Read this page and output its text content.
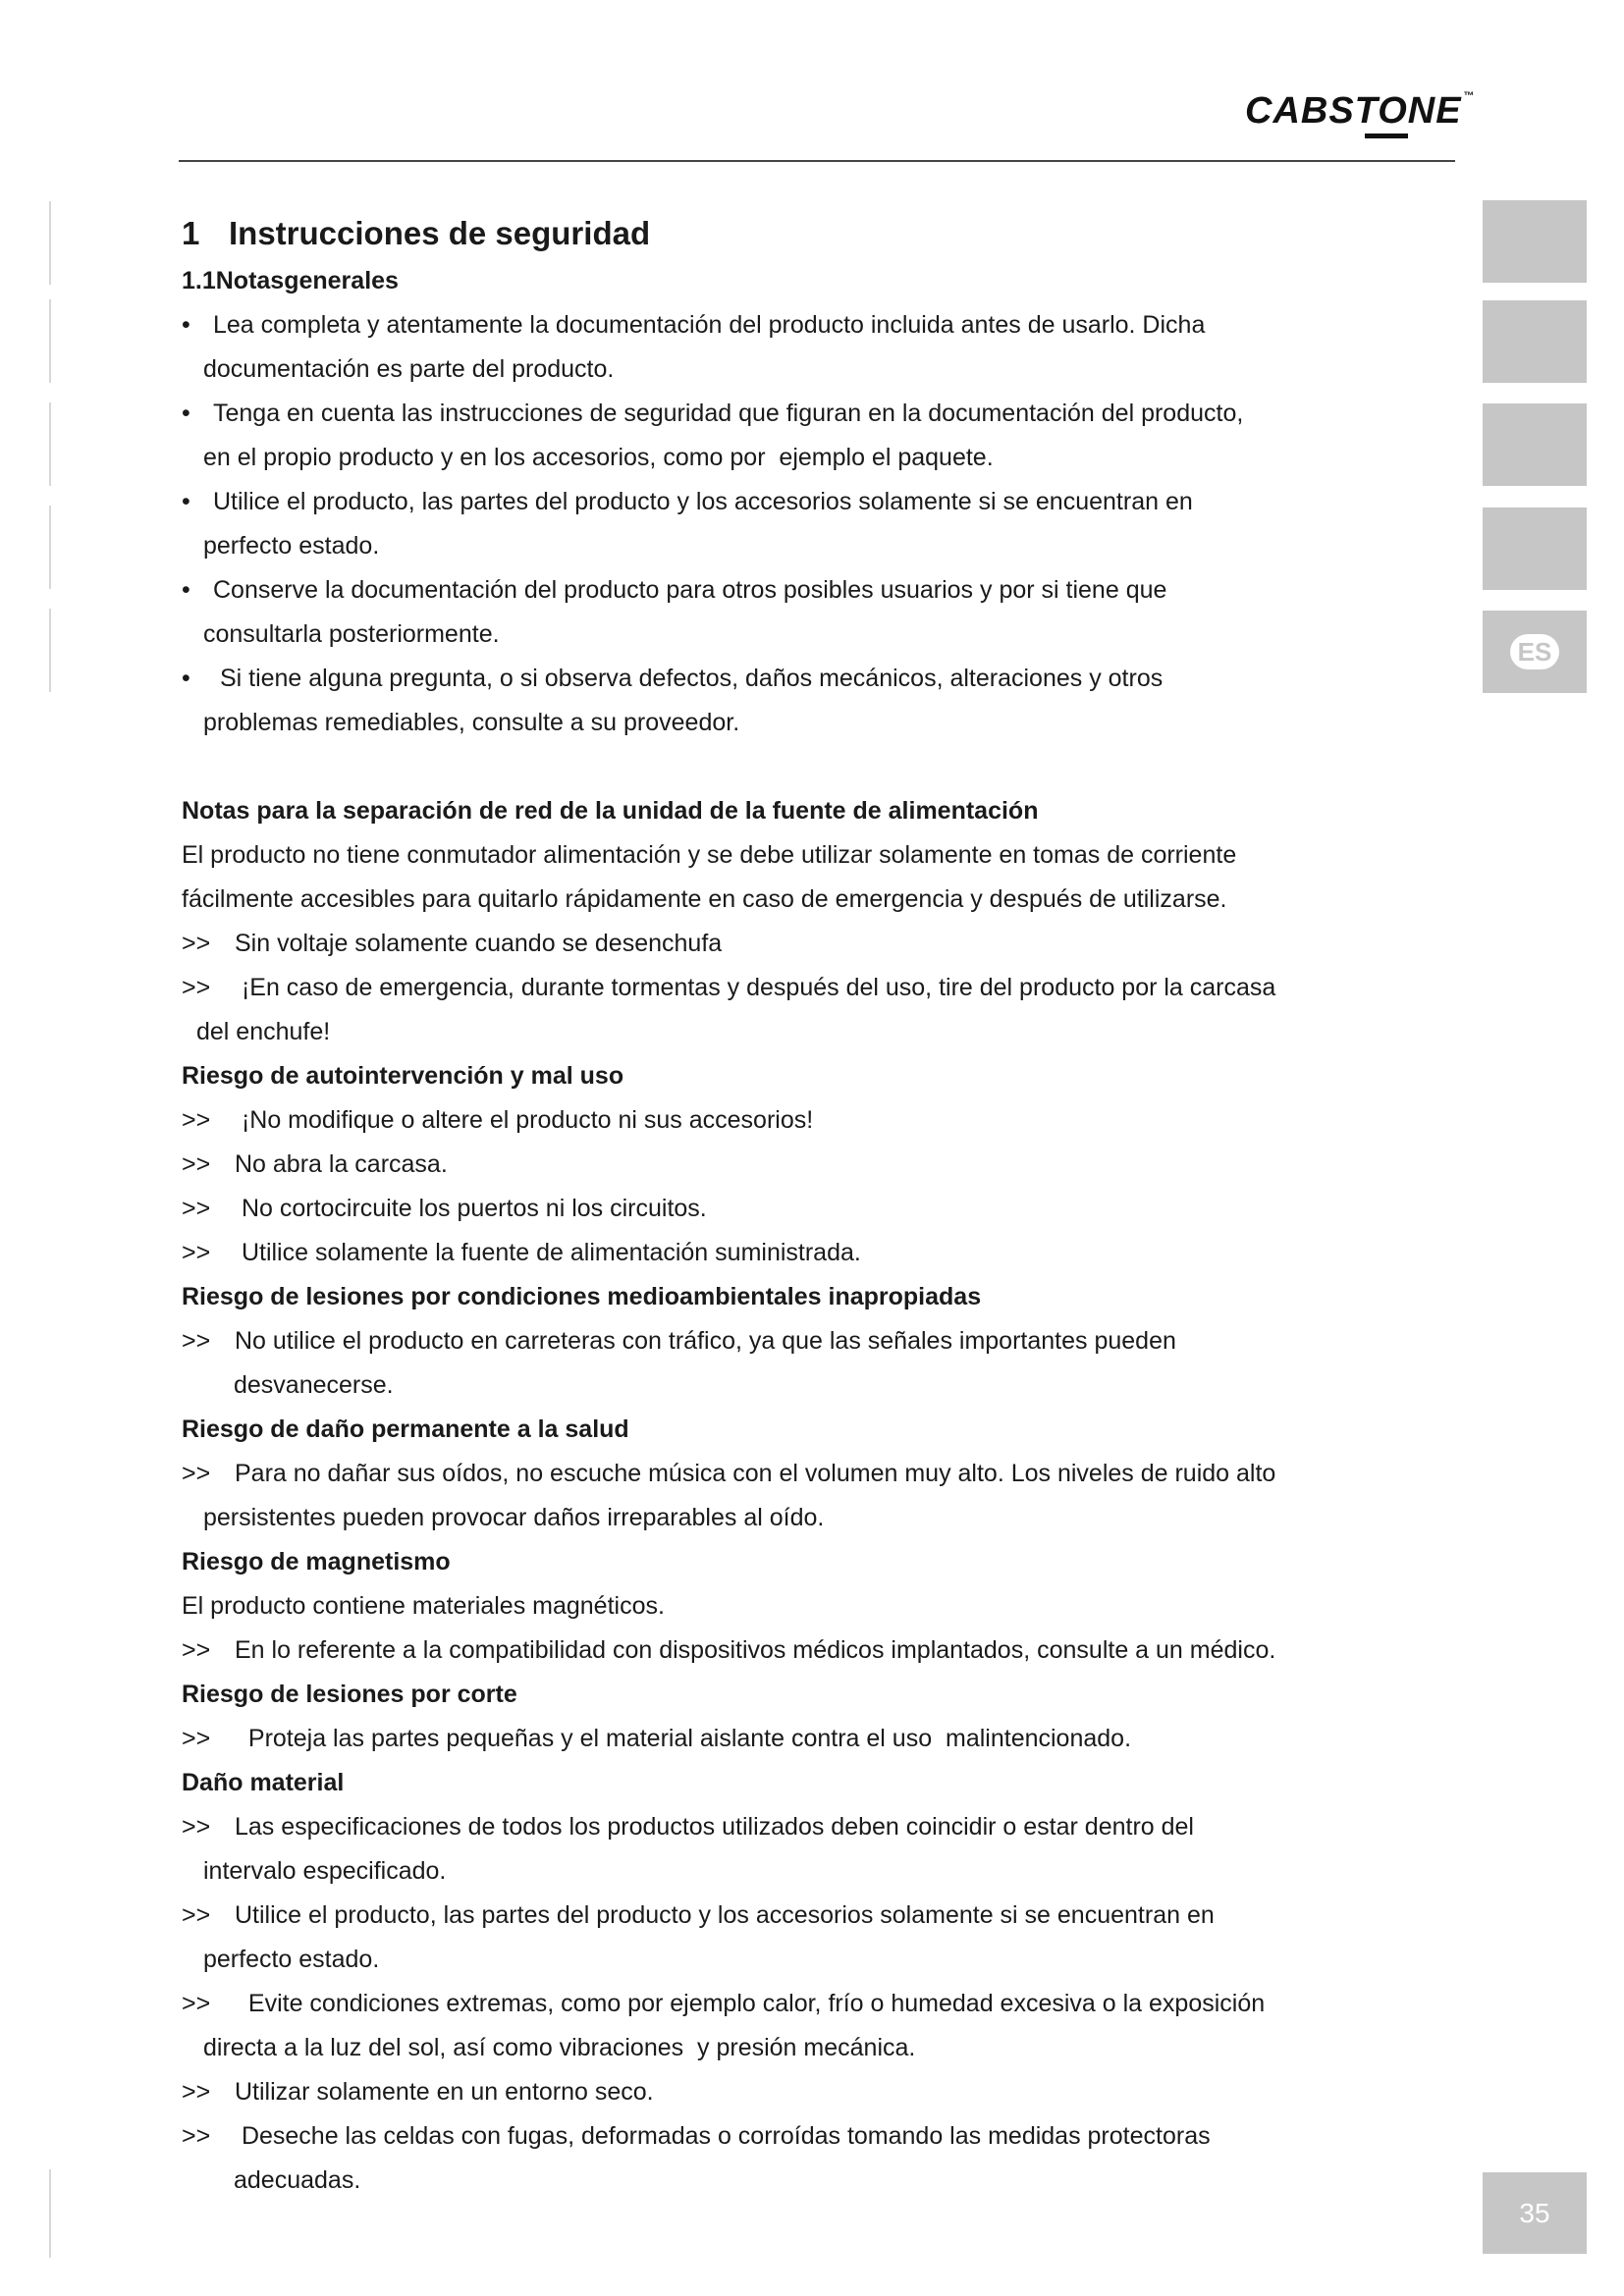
CABSTONE ™
ES
35
1 Instrucciones de seguridad
1.1Notasgenerales
• Lea completa y atentamente la documentación del producto incluida antes de usarlo. Dicha
documentación es parte del producto.
• Tenga en cuenta las instrucciones de seguridad que figuran en la documentación del producto,
en el propio producto y en los accesorios, como por  ejemplo el paquete.
• Utilice el producto, las partes del producto y los accesorios solamente si se encuentran en
perfecto estado.
• Conserve la documentación del producto para otros posibles usuarios y por si tiene que
consultarla posteriormente.
• Si tiene alguna pregunta, o si observa defectos, daños mecánicos, alteraciones y otros
problemas remediables, consulte a su proveedor.
Notas para la separación de red de la unidad de la fuente de alimentación
El producto no tiene conmutador alimentación y se debe utilizar solamente en tomas de corriente
fácilmente accesibles para quitarlo rápidamente en caso de emergencia y después de utilizarse.
>> Sin voltaje solamente cuando se desenchufa
>> ¡En caso de emergencia, durante tormentas y después del uso, tire del producto por la carcasa
del enchufe!
Riesgo de autointervención y mal uso
>> ¡No modifique o altere el producto ni sus accesorios!
>> No abra la carcasa.
>> No cortocircuite los puertos ni los circuitos.
>> Utilice solamente la fuente de alimentación suministrada.
Riesgo de lesiones por condiciones medioambientales inapropiadas
>> No utilice el producto en carreteras con tráfico, ya que las señales importantes pueden
desvanecerse.
Riesgo de daño permanente a la salud
>> Para no dañar sus oídos, no escuche música con el volumen muy alto. Los niveles de ruido alto
persistentes pueden provocar daños irreparables al oído.
Riesgo de magnetismo
El producto contiene materiales magnéticos.
>> En lo referente a la compatibilidad con dispositivos médicos implantados, consulte a un médico.
Riesgo de lesiones por corte
>>  Proteja las partes pequeñas y el material aislante contra el uso  malintencionado.
Daño material
>> Las especificaciones de todos los productos utilizados deben coincidir o estar dentro del
intervalo especificado.
>> Utilice el producto, las partes del producto y los accesorios solamente si se encuentran en
perfecto estado.
>>  Evite condiciones extremas, como por ejemplo calor, frío o humedad excesiva o la exposición
directa a la luz del sol, así como vibraciones  y presión mecánica.
>> Utilizar solamente en un entorno seco.
>> Deseche las celdas con fugas, deformadas o corroídas tomando las medidas protectoras
adecuadas.
